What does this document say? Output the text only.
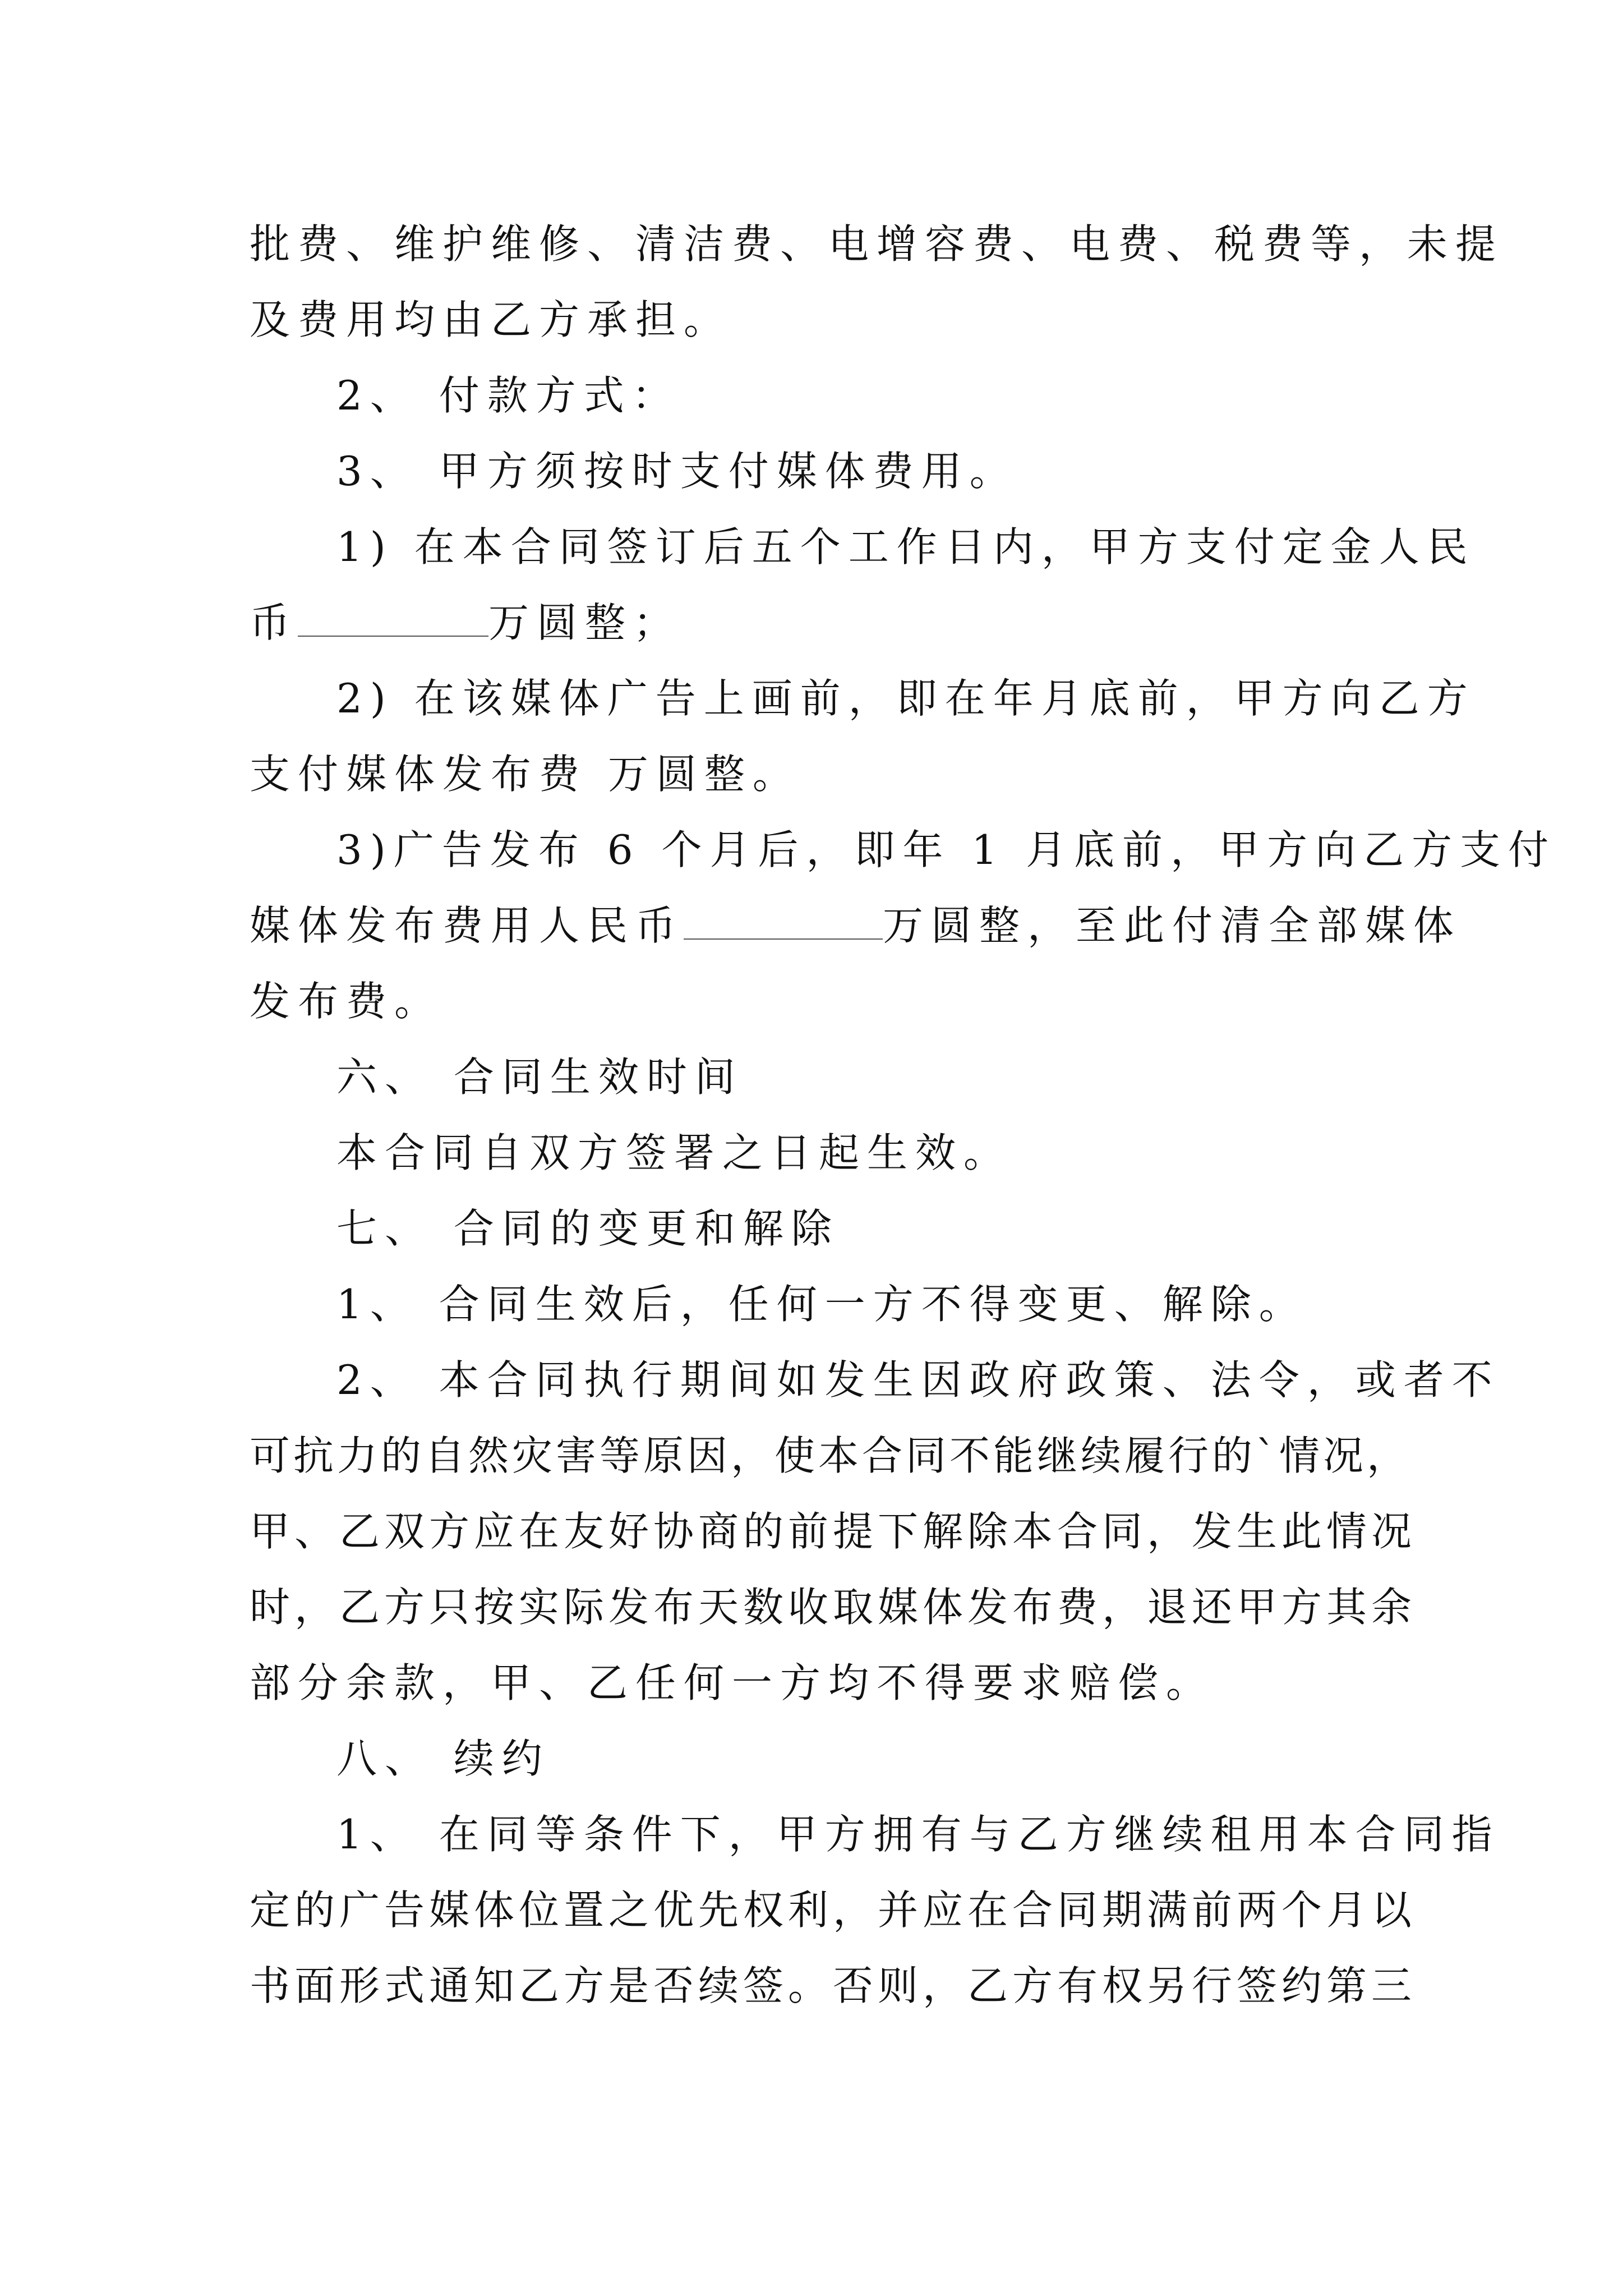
批费、维护维修、清洁费、电增容费、电费、税费等，未提
及费用均由乙方承担。
2、 付款方式：
3、 甲方须按时支付媒体费用。
1) 在本合同签订后五个工作日内，甲方支付定金人民
币	万圆整；
2) 在该媒体广告上画前，即在年月底前，甲方向乙方
支付媒体发布费 万圆整。
3)广告发布 6 个月后，即年 1 月底前，甲方向乙方支付
媒体发布费用人民币	万圆整，至此付清全部媒体
发布费。
六、 合同生效时间
本合同自双方签署之日起生效。
七、 合同的变更和解除
1、 合同生效后，任何一方不得变更、解除。
2、 本合同执行期间如发生因政府政策、法令，或者不
可抗力的自然灾害等原因，使本合同不能继续履行的`情况，
甲、乙双方应在友好协商的前提下解除本合同，发生此情况
时，乙方只按实际发布天数收取媒体发布费，退还甲方其余
部分余款，甲、乙任何一方均不得要求赔偿。
八、 续约
1、 在同等条件下，甲方拥有与乙方继续租用本合同指
定的广告媒体位置之优先权利，并应在合同期满前两个月以
书面形式通知乙方是否续签。否则，乙方有权另行签约第三
